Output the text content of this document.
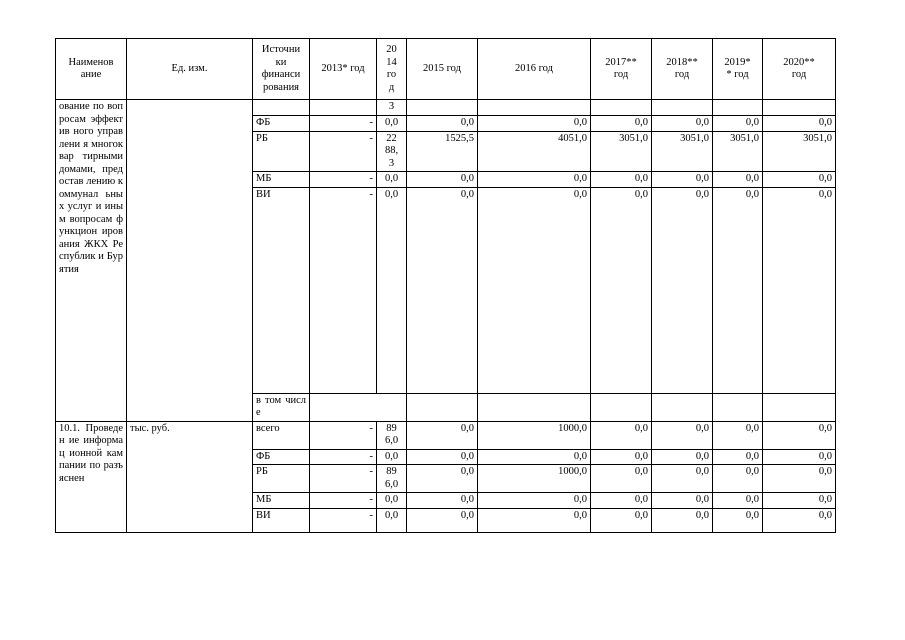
Наименов
ание	Ед. изм.	Источни
ки
финанси
рования	2013* год	20
14
го
д	2015 год	2016 год	2017**
год	2018**
год	2019*
* год	2020**
год	
ование по вопросам эффектив ного управлени я многоквар тирными домами, предостав лению коммунал ьных услуг и иным вопросам функцион ирования ЖКХ Республик и Бурятия				3							
		ФБ	-	0,0	0,0	0,0	0,0	0,0	0,0	0,0	
		РБ	-	22
88,
3	1525,5	4051,0	3051,0	3051,0	3051,0	3051,0	
		МБ	-	0,0	0,0	0,0	0,0	0,0	0,0	0,0	
		ВИ	-	0,0	0,0	0,0	0,0	0,0	0,0	0,0	
		в том числе									
10.1. Проведен ие информац ионной кампании по разъяснен	тыс. руб.	всего	-	89
6,0	0,0	1000,0	0,0	0,0	0,0	0,0	
		ФБ	-	0,0	0,0	0,0	0,0	0,0	0,0	0,0	
		РБ	-	89
6,0	0,0	1000,0	0,0	0,0	0,0	0,0	
		МБ	-	0,0	0,0	0,0	0,0	0,0	0,0	0,0	
		ВИ	-	0,0	0,0	0,0	0,0	0,0	0,0	0,0	
